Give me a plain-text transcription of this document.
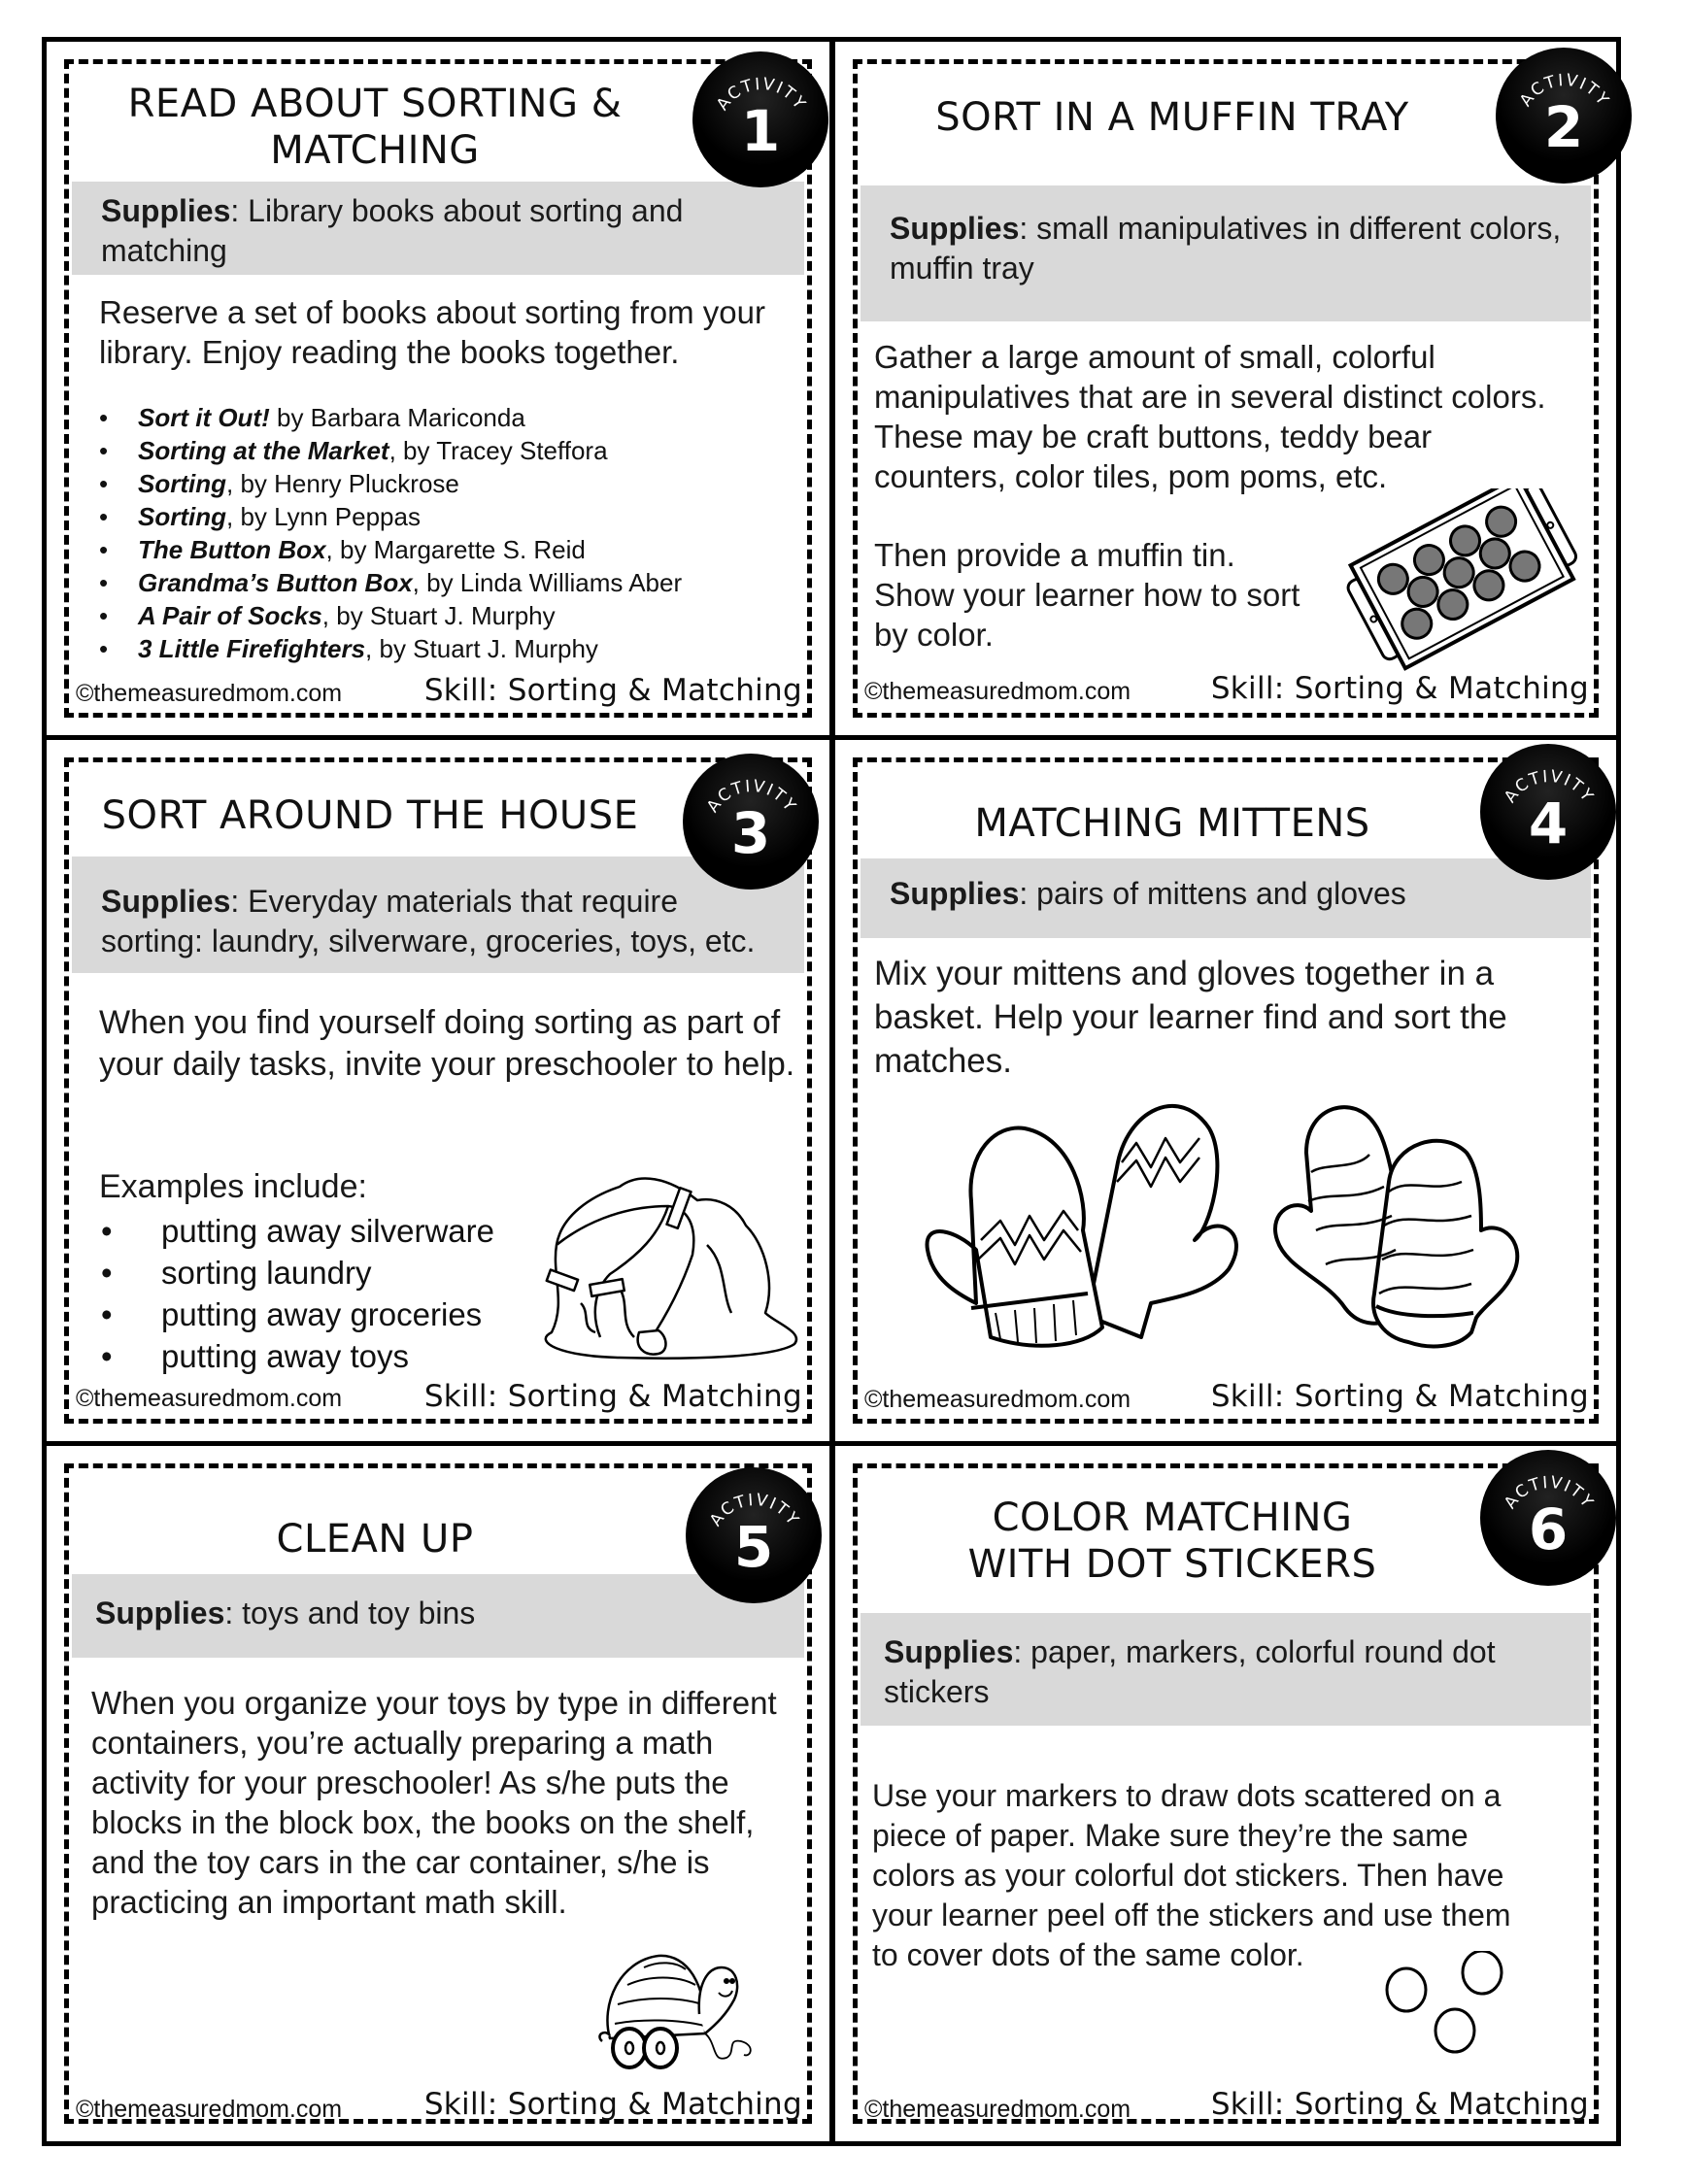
READ ABOUT SORTING &
MATCHING
Supplies: Library books about sorting and matching
Reserve a set of books about sorting from your library. Enjoy reading the books together.
• Sort it Out! by Barbara Mariconda
• Sorting at the Market, by Tracey Steffora
• Sorting, by Henry Pluckrose
• Sorting, by Lynn Peppas
• The Button Box, by Margarette S. Reid
• Grandma’s Button Box, by Linda Williams Aber
• A Pair of Socks, by Stuart J. Murphy
• 3 Little Firefighters, by Stuart J. Murphy
©themeasuredmom.com	Skill: Sorting & Matching
ACTIVITY
1	SORT IN A MUFFIN TRAY
Supplies: small manipulatives in different colors, muffin tray
Gather a large amount of small, colorful manipulatives that are in several distinct colors. These may be craft buttons, teddy bear counters, color tiles, pom poms, etc.
Then provide a muffin tin.
Show your learner how to sort
by color.
©themeasuredmom.com	Skill: Sorting & Matching
ACTIVITY
2
SORT AROUND THE HOUSE
Supplies: Everyday materials that require sorting: laundry, silverware, groceries, toys, etc.
When you find yourself doing sorting as part of your daily tasks, invite your preschooler to help.
Examples include:
• putting away silverware
• sorting laundry
• putting away groceries
• putting away toys
©themeasuredmom.com	Skill: Sorting & Matching
ACTIVITY
3	MATCHING MITTENS
Supplies: pairs of mittens and gloves
Mix your mittens and gloves together in a basket. Help your learner find and sort the matches.
©themeasuredmom.com	Skill: Sorting & Matching
ACTIVITY
4
CLEAN UP
Supplies: toys and toy bins
When you organize your toys by type in different containers, you’re actually preparing a math activity for your preschooler! As s/he puts the blocks in the block box, the books on the shelf, and the toy cars in the car container, s/he is practicing an important math skill.
©themeasuredmom.com	Skill: Sorting & Matching
ACTIVITY
5	COLOR MATCHING
WITH DOT STICKERS
Supplies: paper, markers, colorful round dot stickers
Use your markers to draw dots scattered on a piece of paper. Make sure they’re the same colors as your colorful dot stickers. Then have your learner peel off the stickers and use them to cover dots of the same color.
©themeasuredmom.com	Skill: Sorting & Matching
ACTIVITY
6
